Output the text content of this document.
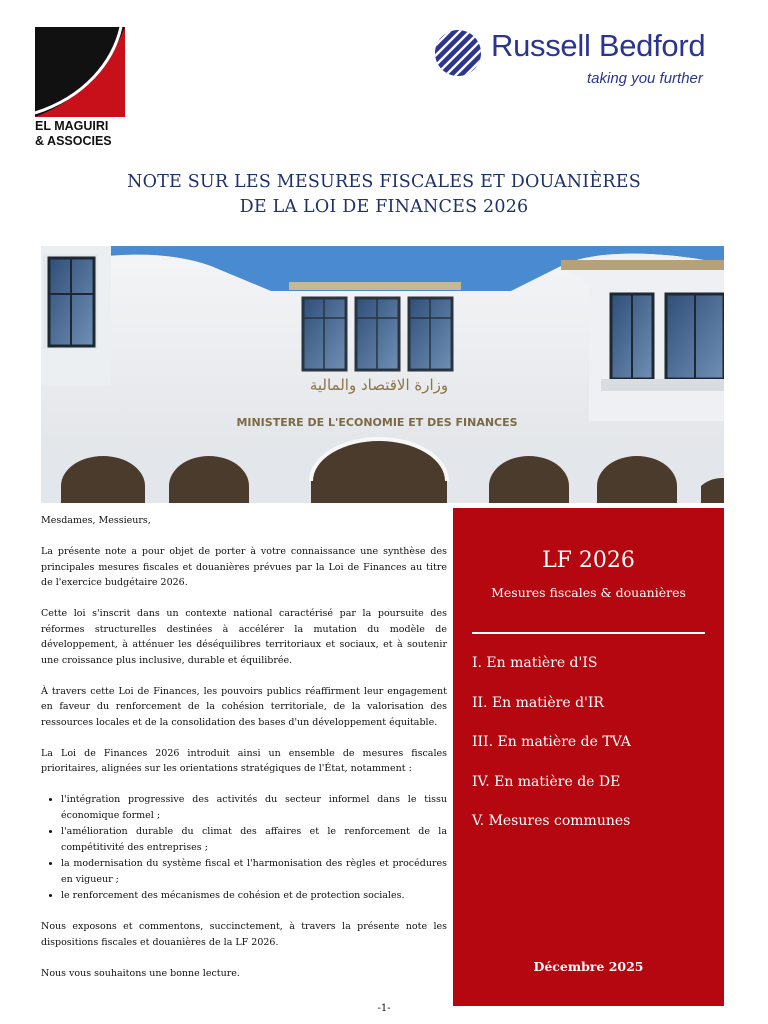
EL MAGUIRI
& ASSOCIES
Russell Bedford
taking you further
NOTE SUR LES MESURES FISCALES ET DOUANIÈRES
DE LA LOI DE FINANCES 2026
وزارة الاقتصاد والمالية
MINISTERE DE L'ECONOMIE ET DES FINANCES

Mesdames, Messieurs,

La présente note a pour objet de porter à votre connaissance une synthèse des principales mesures fiscales et douanières prévues par la Loi de Finances au titre de l'exercice budgétaire 2026.

Cette loi s'inscrit dans un contexte national caractérisé par la poursuite des réformes structurelles destinées à accélérer la mutation du modèle de développement, à atténuer les déséquilibres territoriaux et sociaux, et à soutenir une croissance plus inclusive, durable et équilibrée.

À travers cette Loi de Finances, les pouvoirs publics réaffirment leur engagement en faveur du renforcement de la cohésion territoriale, de la valorisation des ressources locales et de la consolidation des bases d'un développement équitable.

La Loi de Finances 2026 introduit ainsi un ensemble de mesures fiscales prioritaires, alignées sur les orientations stratégiques de l'État, notamment :

• l'intégration progressive des activités du secteur informel dans le tissu économique formel ;
• l'amélioration durable du climat des affaires et le renforcement de la compétitivité des entreprises ;
• la modernisation du système fiscal et l'harmonisation des règles et procédures en vigueur ;
• le renforcement des mécanismes de cohésion et de protection sociales.

Nous exposons et commentons, succinctement, à travers la présente note les dispositions fiscales et douanières de la LF 2026.

Nous vous souhaitons une bonne lecture.

-1-
LF 2026
Mesures fiscales & douanières
I. En matière d'IS
II. En matière d'IR
III. En matière de TVA
IV. En matière de DE
V. Mesures communes
Décembre 2025
